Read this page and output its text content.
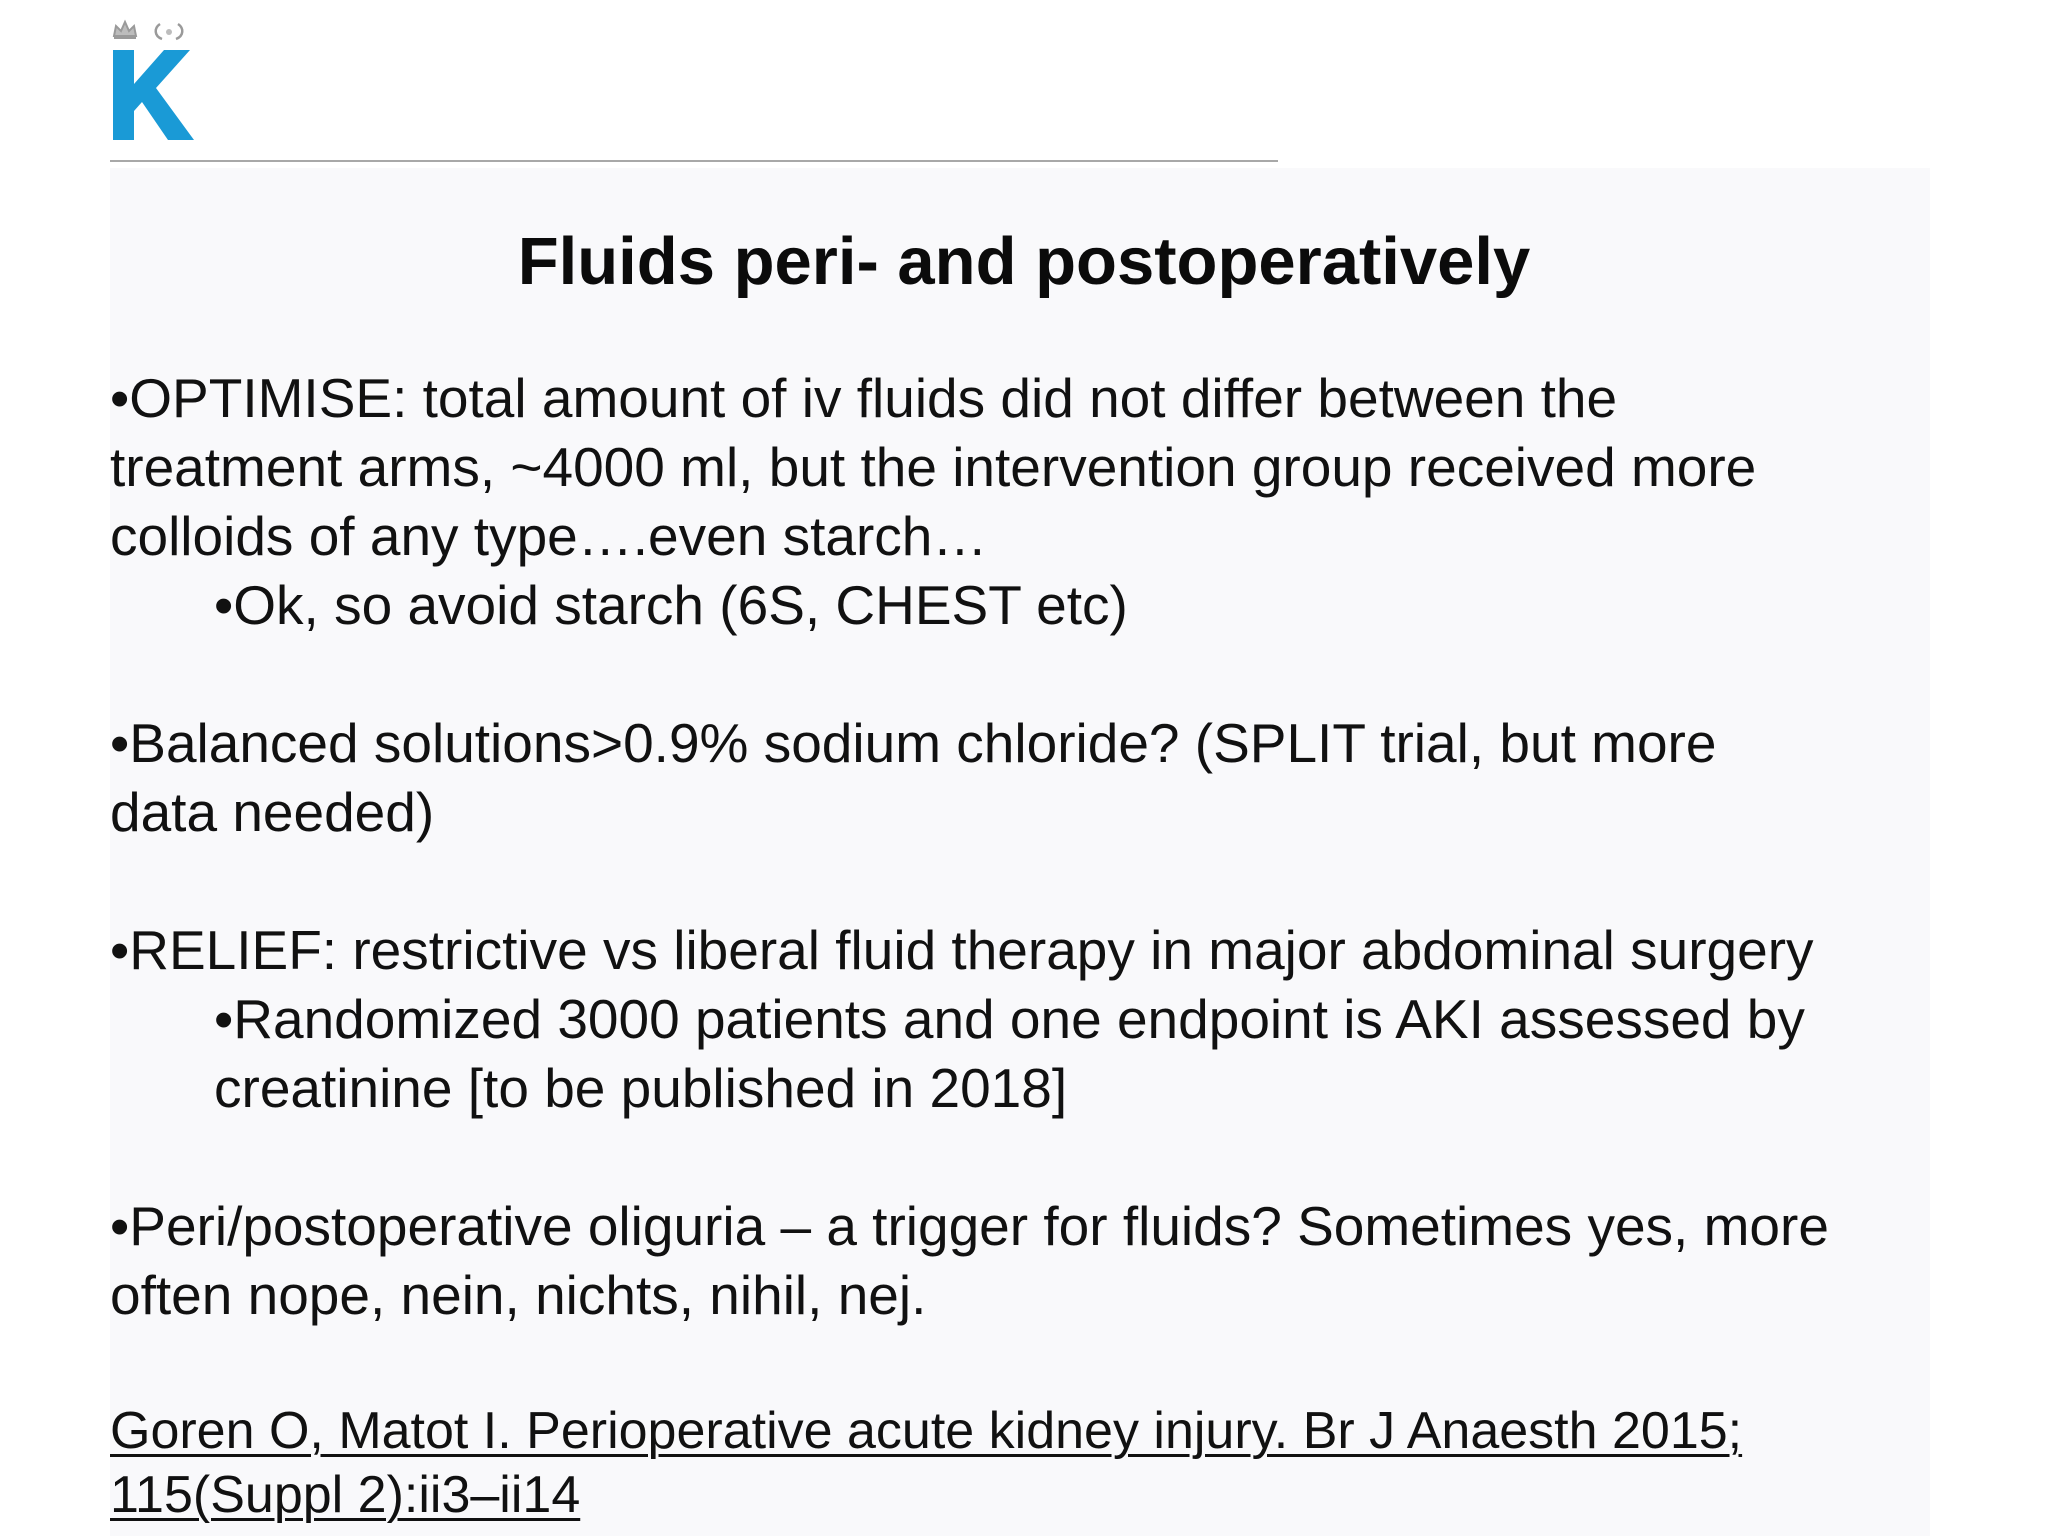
Fluids peri- and postoperatively
•OPTIMISE: total amount of iv fluids did not differ between the
treatment arms, ~4000 ml, but the intervention group received more
colloids of any type….even starch…
•Ok, so avoid starch (6S, CHEST etc)
•Balanced solutions>0.9% sodium chloride? (SPLIT trial, but more
data needed)
•RELIEF: restrictive vs liberal fluid therapy in major abdominal surgery
•Randomized 3000 patients and one endpoint is AKI assessed by
creatinine [to be published in 2018]
•Peri/postoperative oliguria – a trigger for fluids? Sometimes yes, more
often nope, nein, nichts, nihil, nej.
Goren O, Matot I. Perioperative acute kidney injury. Br J Anaesth 2015;
115(Suppl 2):ii3–ii14
